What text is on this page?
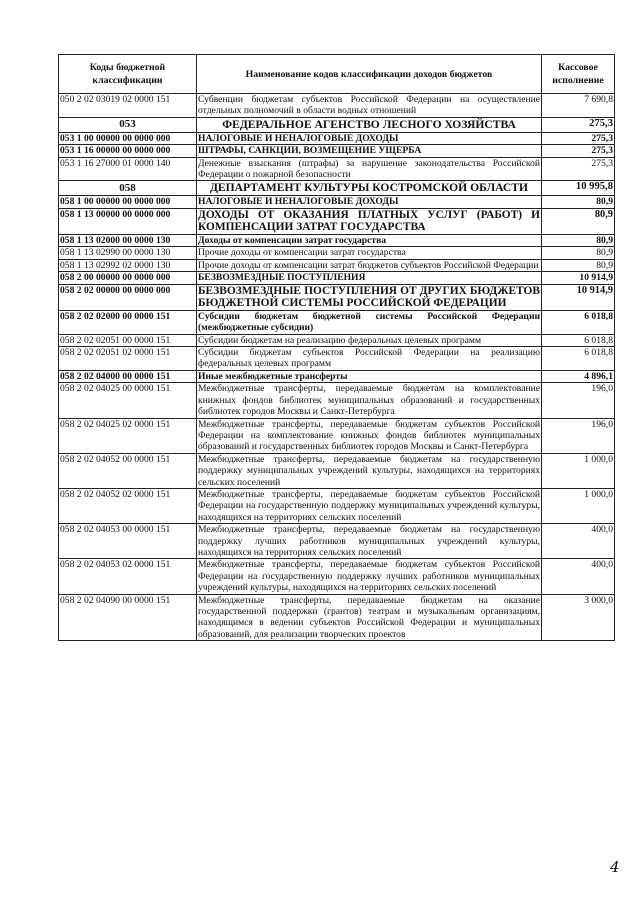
Коды бюджетной классификации	Наименование кодов классификации доходов бюджетов	Кассовое исполнение
050 2 02 03019 02 0000 151	Субвенции бюджетам субъектов Российской Федерации на осуществление отдельных полномочий в области водных отношений	7 690,8
053	ФЕДЕРАЛЬНОЕ АГЕНСТВО ЛЕСНОГО ХОЗЯЙСТВА	275,3
053 1 00 00000 00 0000 000	НАЛОГОВЫЕ И НЕНАЛОГОВЫЕ ДОХОДЫ	275,3
053 1 16 00000 00 0000 000	ШТРАФЫ, САНКЦИИ, ВОЗМЕЩЕНИЕ УЩЕРБА	275,3
053 1 16 27000 01 0000 140	Денежные взыскания (штрафы) за нарушение законодательства Российской Федерации о пожарной безопасности	275,3
058	ДЕПАРТАМЕНТ КУЛЬТУРЫ КОСТРОМСКОЙ ОБЛАСТИ	10 995,8
058 1 00 00000 00 0000 000	НАЛОГОВЫЕ И НЕНАЛОГОВЫЕ ДОХОДЫ	80,9
058 1 13 00000 00 0000 000	ДОХОДЫ ОТ ОКАЗАНИЯ ПЛАТНЫХ УСЛУГ (РАБОТ) И КОМПЕНСАЦИИ ЗАТРАТ ГОСУДАРСТВА	80,9
058 1 13 02000 00 0000 130	Доходы от компенсации затрат государства	80,9
058 1 13 02990 00 0000 130	Прочие доходы от компенсации затрат государства	80,9
058 1 13 02992 02 0000 130	Прочие доходы от компенсации затрат бюджетов субъектов Российской Федерации	80,9
058 2 00 00000 00 0000 000	БЕЗВОЗМЕЗДНЫЕ ПОСТУПЛЕНИЯ	10 914,9
058 2 02 00000 00 0000 000	БЕЗВОЗМЕЗДНЫЕ ПОСТУПЛЕНИЯ ОТ ДРУГИХ БЮДЖЕТОВ БЮДЖЕТНОЙ СИСТЕМЫ РОССИЙСКОЙ ФЕДЕРАЦИИ	10 914,9
058 2 02 02000 00 0000 151	Субсидии бюджетам бюджетной системы Российской Федерации (межбюджетные субсидии)	6 018,8
058 2 02 02051 00 0000 151	Субсидии бюджетам на реализацию федеральных целевых программ	6 018,8
058 2 02 02051 02 0000 151	Субсидии бюджетам субъектов Российской Федерации на реализацию федеральных целевых программ	6 018,8
058 2 02 04000 00 0000 151	Иные межбюджетные трансферты	4 896,1
058 2 02 04025 00 0000 151	Межбюджетные трансферты, передаваемые бюджетам на комплектование книжных фондов библиотек муниципальных образований и государственных библиотек городов Москвы и Санкт-Петербурга	196,0
058 2 02 04025 02 0000 151	Межбюджетные трансферты, передаваемые бюджетам субъектов Российской Федерации на комплектование книжных фондов библиотек муниципальных образований и государственных библиотек городов Москвы и Санкт-Петербурга	196,0
058 2 02 04052 00 0000 151	Межбюджетные трансферты, передаваемые бюджетам на государственную поддержку муниципальных учреждений культуры, находящихся на территориях сельских поселений	1 000,0
058 2 02 04052 02 0000 151	Межбюджетные трансферты, передаваемые бюджетам субъектов Российской Федерации на государственную поддержку муниципальных учреждений культуры, находящихся на территориях сельских поселений	1 000,0
058 2 02 04053 00 0000 151	Межбюджетные трансферты, передаваемые бюджетам на государственную поддержку лучших работников муниципальных учреждений культуры, находящихся на территориях сельских поселений	400,0
058 2 02 04053 02 0000 151	Межбюджетные трансферты, передаваемые бюджетам субъектов Российской Федерации на государственную поддержку лучших работников муниципальных учреждений культуры, находящихся на территориях сельских поселений	400,0
058 2 02 04090 00 0000 151	Межбюджетные трансферты, передаваемые бюджетам на оказание государственной поддержки (грантов) театрам и музыкальным организациям, находящимся в ведении субъектов Российской Федерации и муниципальных образований, для реализации творческих проектов	3 000,0
4
